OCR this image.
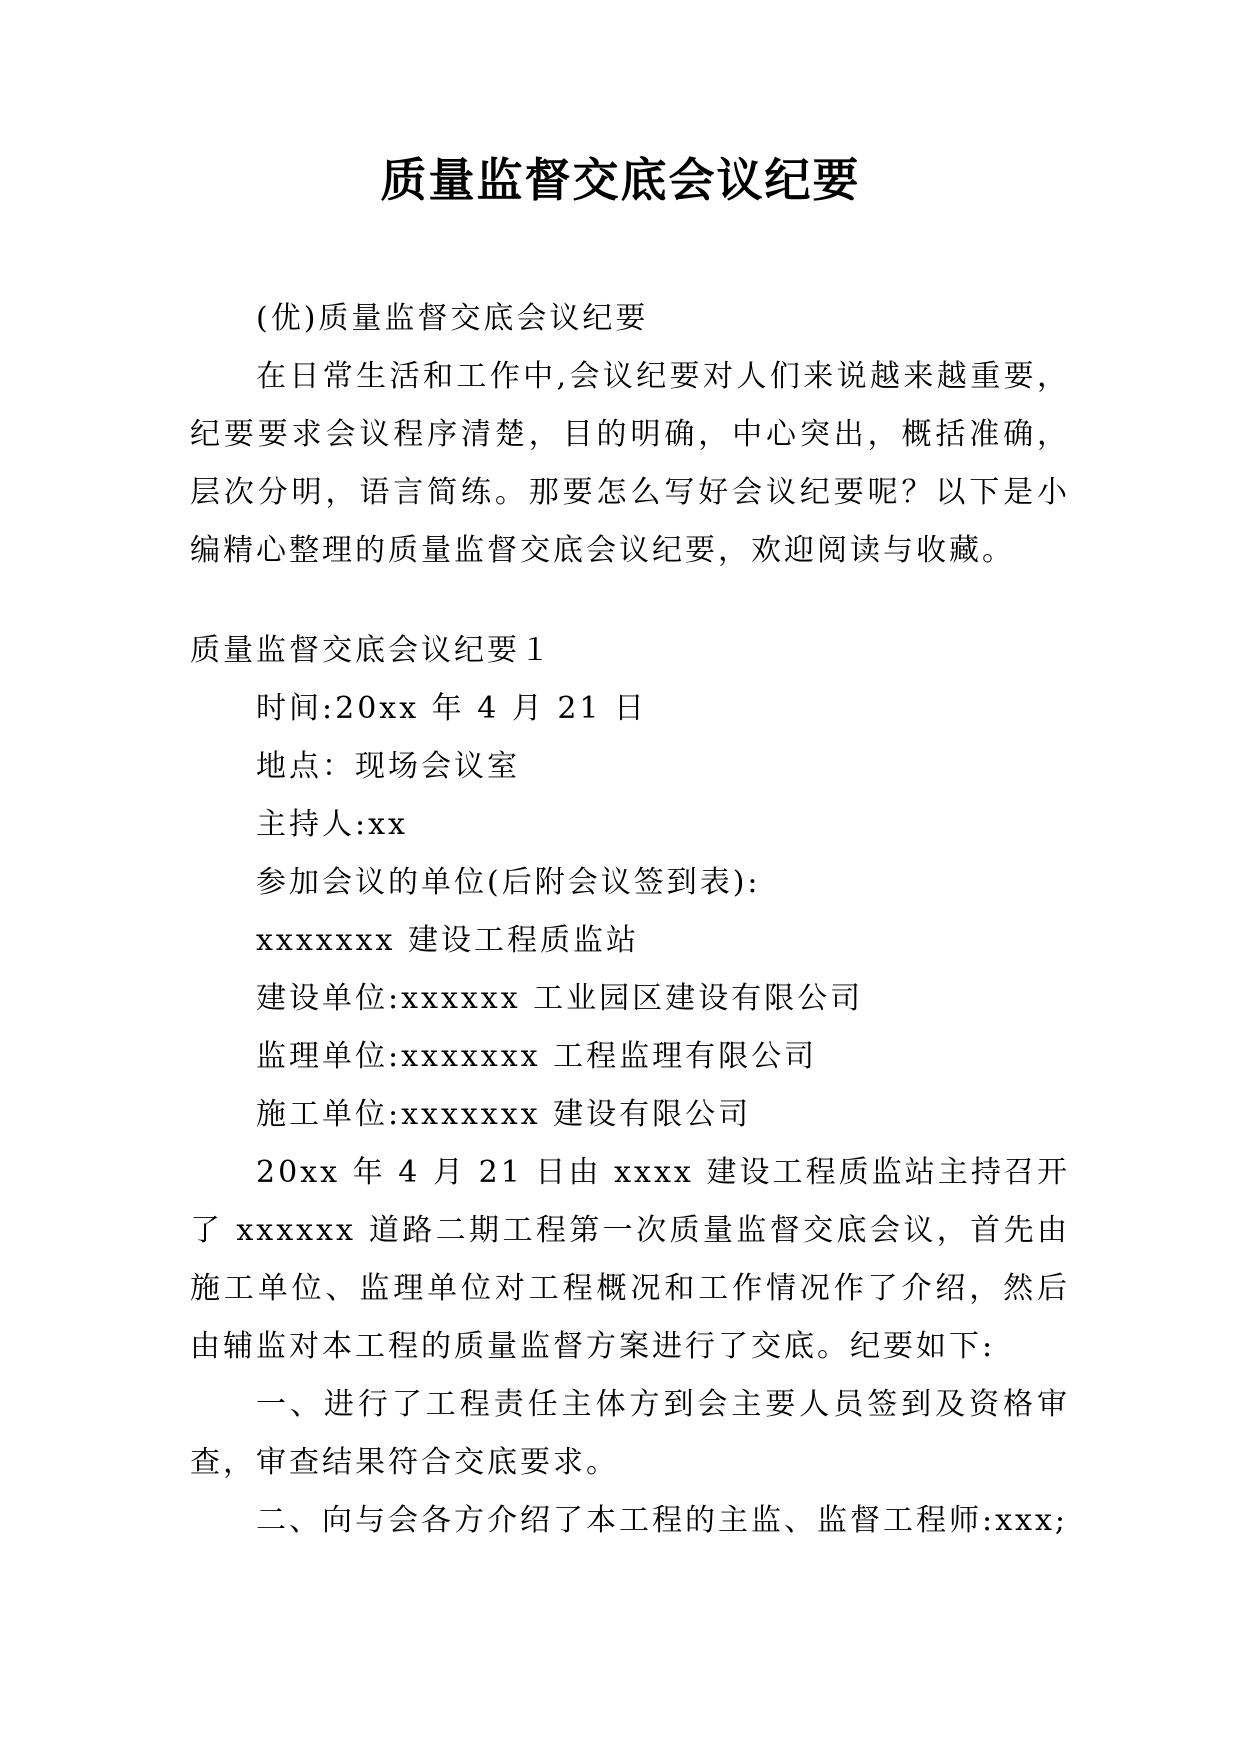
质量监督交底会议纪要

(优)质量监督交底会议纪要

在日常生活和工作中,会议纪要对人们来说越来越重要，纪要要求会议程序清楚，目的明确，中心突出，概括准确，层次分明，语言简练。那要怎么写好会议纪要呢？以下是小编精心整理的质量监督交底会议纪要，欢迎阅读与收藏。

质量监督交底会议纪要１

时间:20xx 年 4 月 21 日

地点：现场会议室

主持人:xx

参加会议的单位(后附会议签到表):

xxxxxxx 建设工程质监站

建设单位:xxxxxx 工业园区建设有限公司

监理单位:xxxxxxx 工程监理有限公司

施工单位:xxxxxxx 建设有限公司

20xx 年 4 月 21 日由 xxxx 建设工程质监站主持召开了 xxxxxx 道路二期工程第一次质量监督交底会议，首先由施工单位、监理单位对工程概况和工作情况作了介绍，然后由辅监对本工程的质量监督方案进行了交底。纪要如下:

一、进行了工程责任主体方到会主要人员签到及资格审查，审查结果符合交底要求。

二、向与会各方介绍了本工程的主监、监督工程师:xxx;
